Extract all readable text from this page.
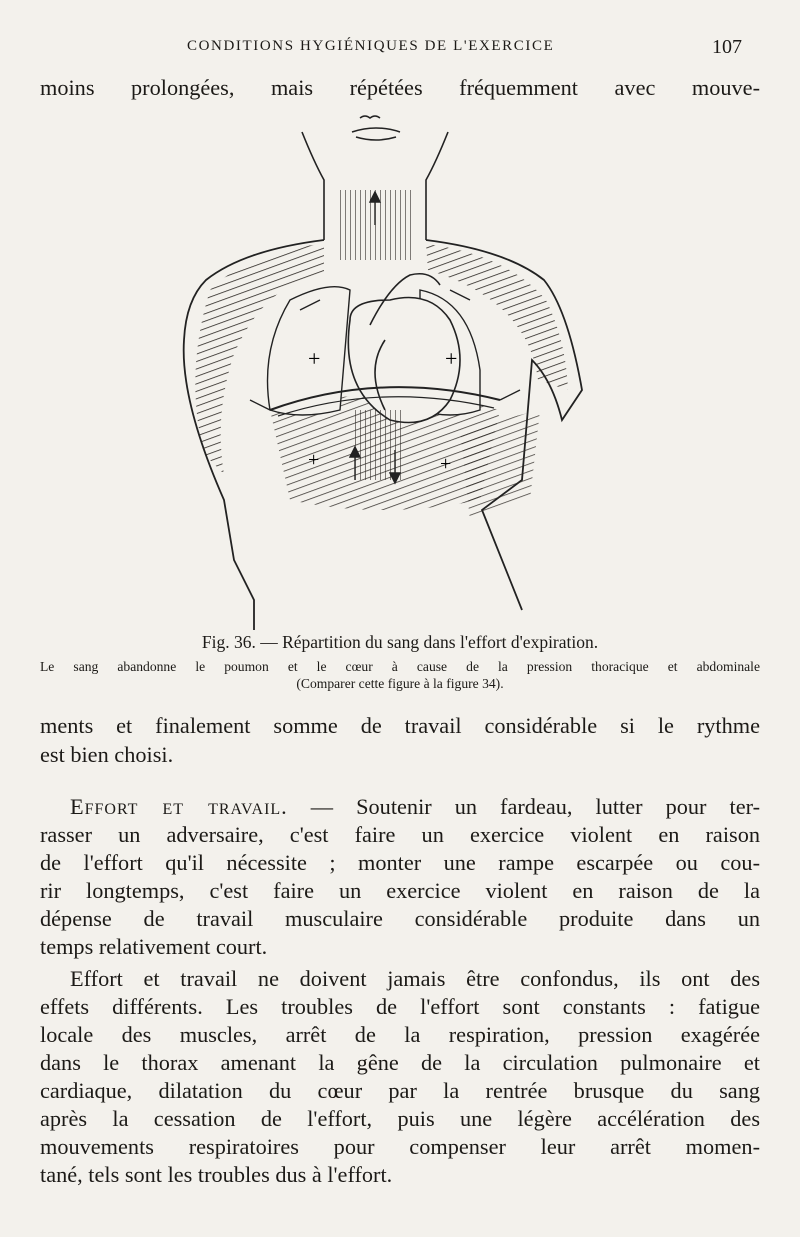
CONDITIONS HYGIÉNIQUES DE L'EXERCICE	107
moins prolongées, mais répétées fréquemment avec mouve-
+	+
+	+
Fig. 36. — Répartition du sang dans l'effort d'expiration.
Le sang abandonne le poumon et le cœur à cause de la pression thoracique et abdominale
(Comparer cette figure à la figure 34).
ments et finalement somme de travail considérable si le rythme
est bien choisi.
Effort et travail. — Soutenir un fardeau, lutter pour ter-
rasser un adversaire, c'est faire un exercice violent en raison
de l'effort qu'il nécessite ; monter une rampe escarpée ou cou-
rir longtemps, c'est faire un exercice violent en raison de la
dépense de travail musculaire considérable produite dans un
temps relativement court.
Effort et travail ne doivent jamais être confondus, ils ont des
effets différents. Les troubles de l'effort sont constants : fatigue
locale des muscles, arrêt de la respiration, pression exagérée
dans le thorax amenant la gêne de la circulation pulmonaire et
cardiaque, dilatation du cœur par la rentrée brusque du sang
après la cessation de l'effort, puis une légère accélération des
mouvements respiratoires pour compenser leur arrêt momen-
tané, tels sont les troubles dus à l'effort.
